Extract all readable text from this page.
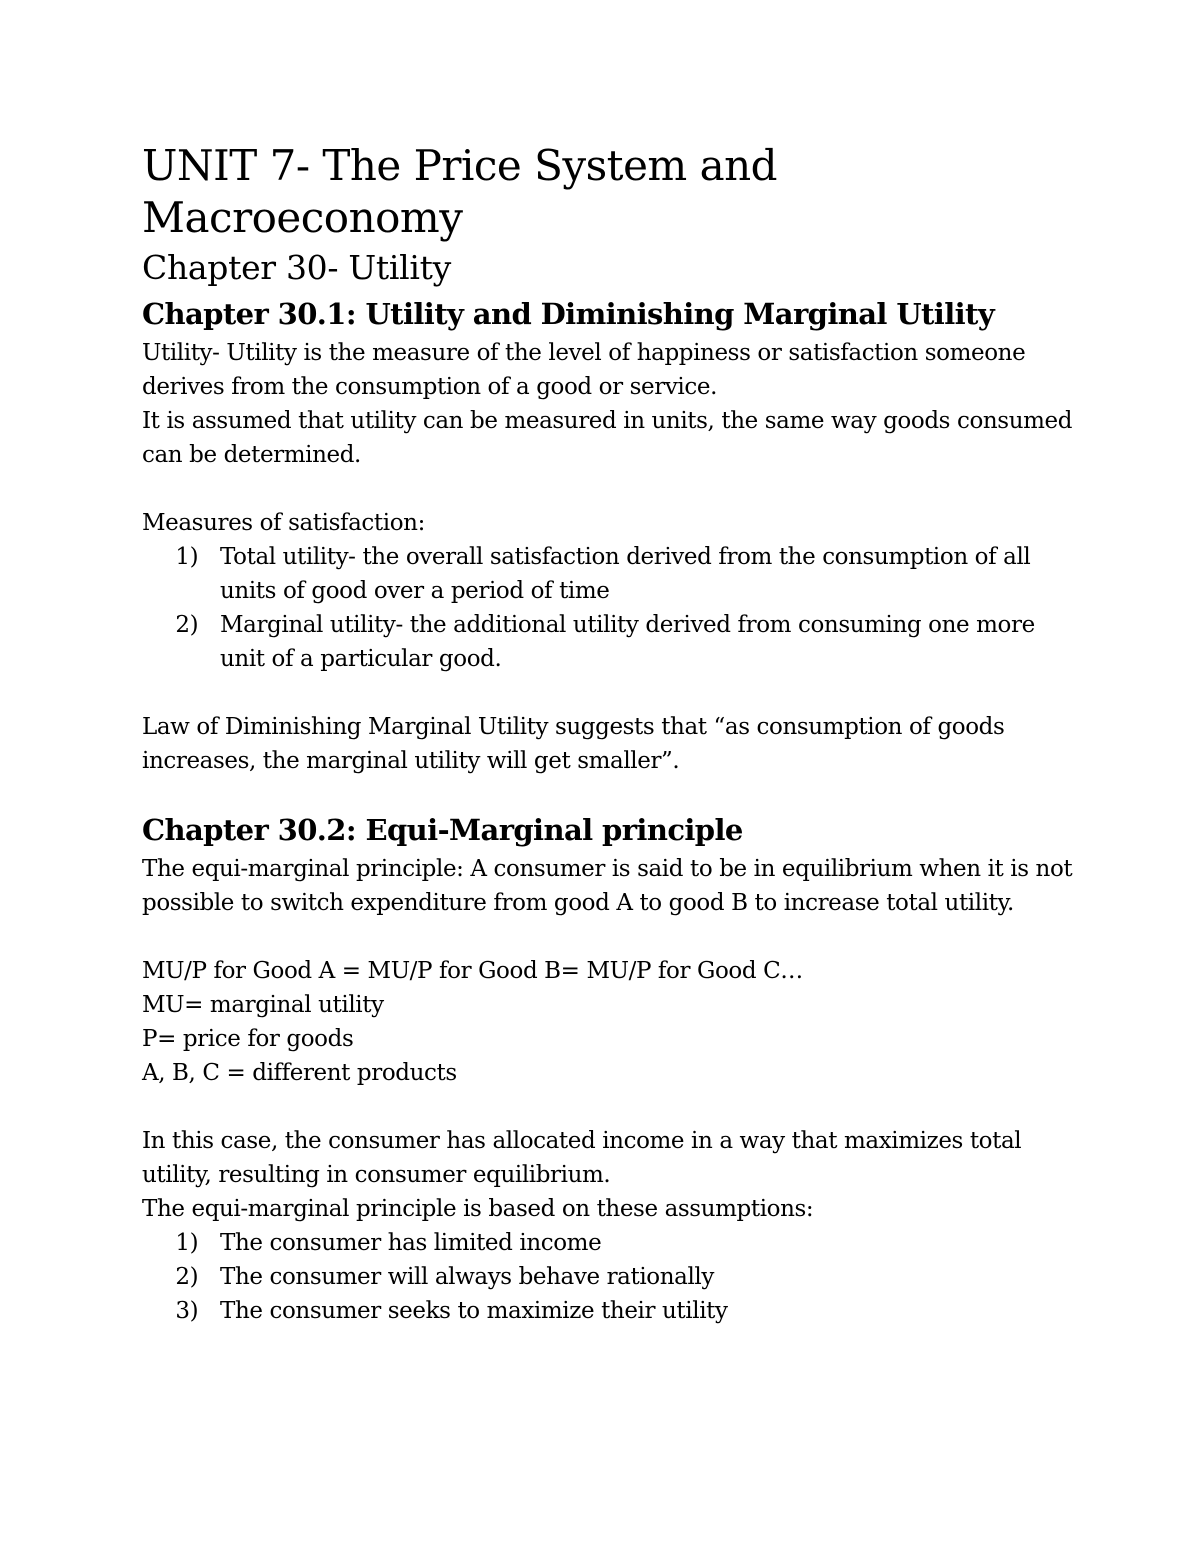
UNIT 7- The Price System and Macroeconomy
Chapter 30- Utility
Chapter 30.1: Utility and Diminishing Marginal Utility

Utility- Utility is the measure of the level of happiness or satisfaction someone derives from the consumption of a good or service.

It is assumed that utility can be measured in units, the same way goods consumed can be determined.

Measures of satisfaction:

1. Total utility- the overall satisfaction derived from the consumption of all units of good over a period of time
2. Marginal utility- the additional utility derived from consuming one more unit of a particular good.

Law of Diminishing Marginal Utility suggests that “as consumption of goods increases, the marginal utility will get smaller”.

Chapter 30.2: Equi-Marginal principle

The equi-marginal principle: A consumer is said to be in equilibrium when it is not possible to switch expenditure from good A to good B to increase total utility.

MU/P for Good A = MU/P for Good B= MU/P for Good C…

MU= marginal utility

P= price for goods

A, B, C = different products

In this case, the consumer has allocated income in a way that maximizes total utility, resulting in consumer equilibrium.

The equi-marginal principle is based on these assumptions:

1. The consumer has limited income
2. The consumer will always behave rationally
3. The consumer seeks to maximize their utility
